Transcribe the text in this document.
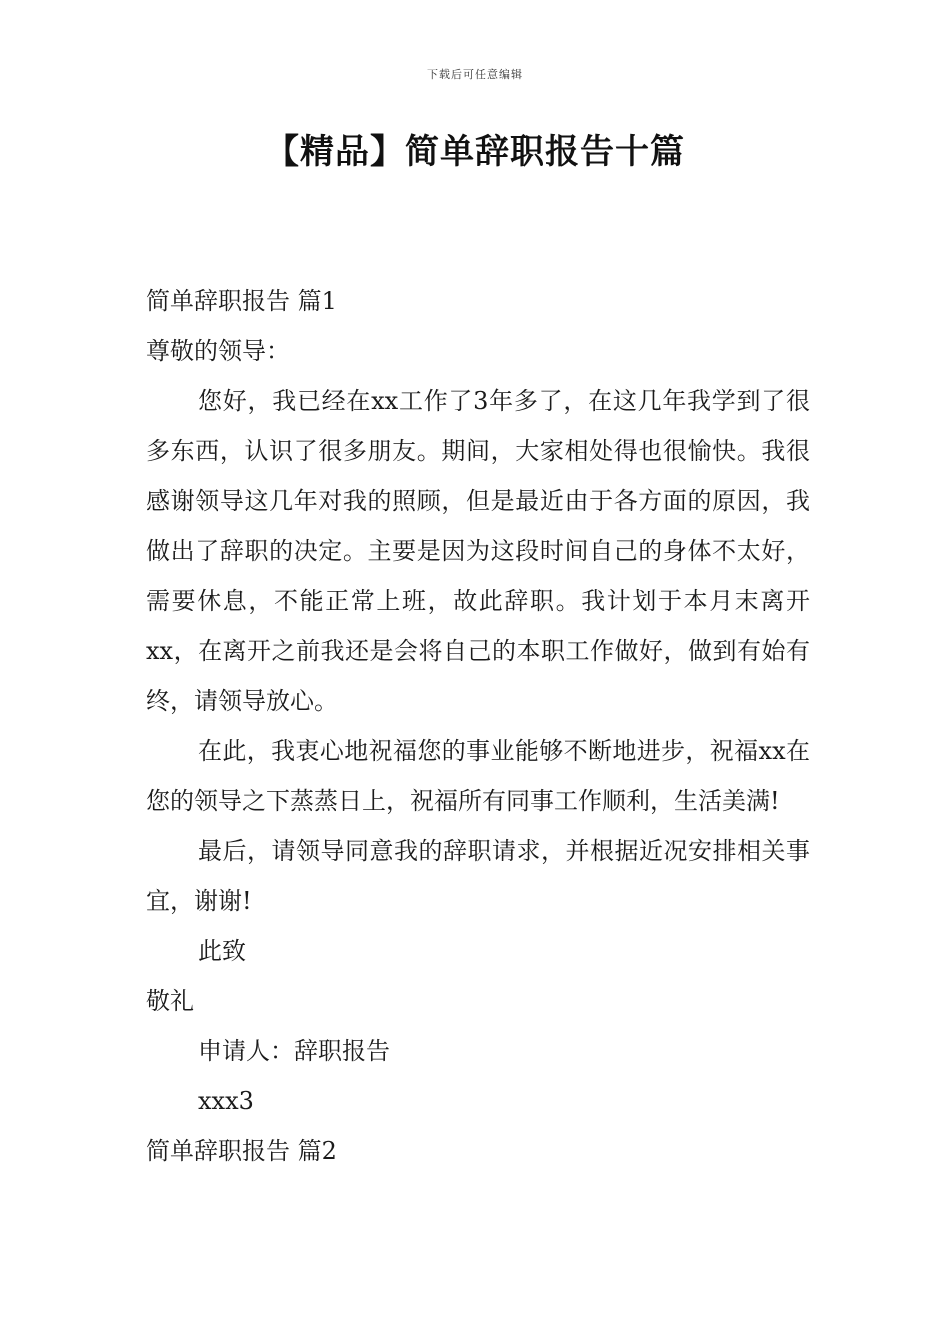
下载后可任意编辑
【精品】简单辞职报告十篇

简单辞职报告 篇1

尊敬的领导：

您好，我已经在xx工作了3年多了，在这几年我学到了很多东西，认识了很多朋友。期间，大家相处得也很愉快。我很感谢领导这几年对我的照顾，但是最近由于各方面的原因，我做出了辞职的决定。主要是因为这段时间自己的身体不太好，需要休息，不能正常上班，故此辞职。我计划于本月末离开xx，在离开之前我还是会将自己的本职工作做好，做到有始有终，请领导放心。

在此，我衷心地祝福您的事业能够不断地进步，祝福xx在您的领导之下蒸蒸日上，祝福所有同事工作顺利，生活美满!

最后，请领导同意我的辞职请求，并根据近况安排相关事宜，谢谢!

此致

敬礼

申请人：辞职报告

xxx3

简单辞职报告 篇2
